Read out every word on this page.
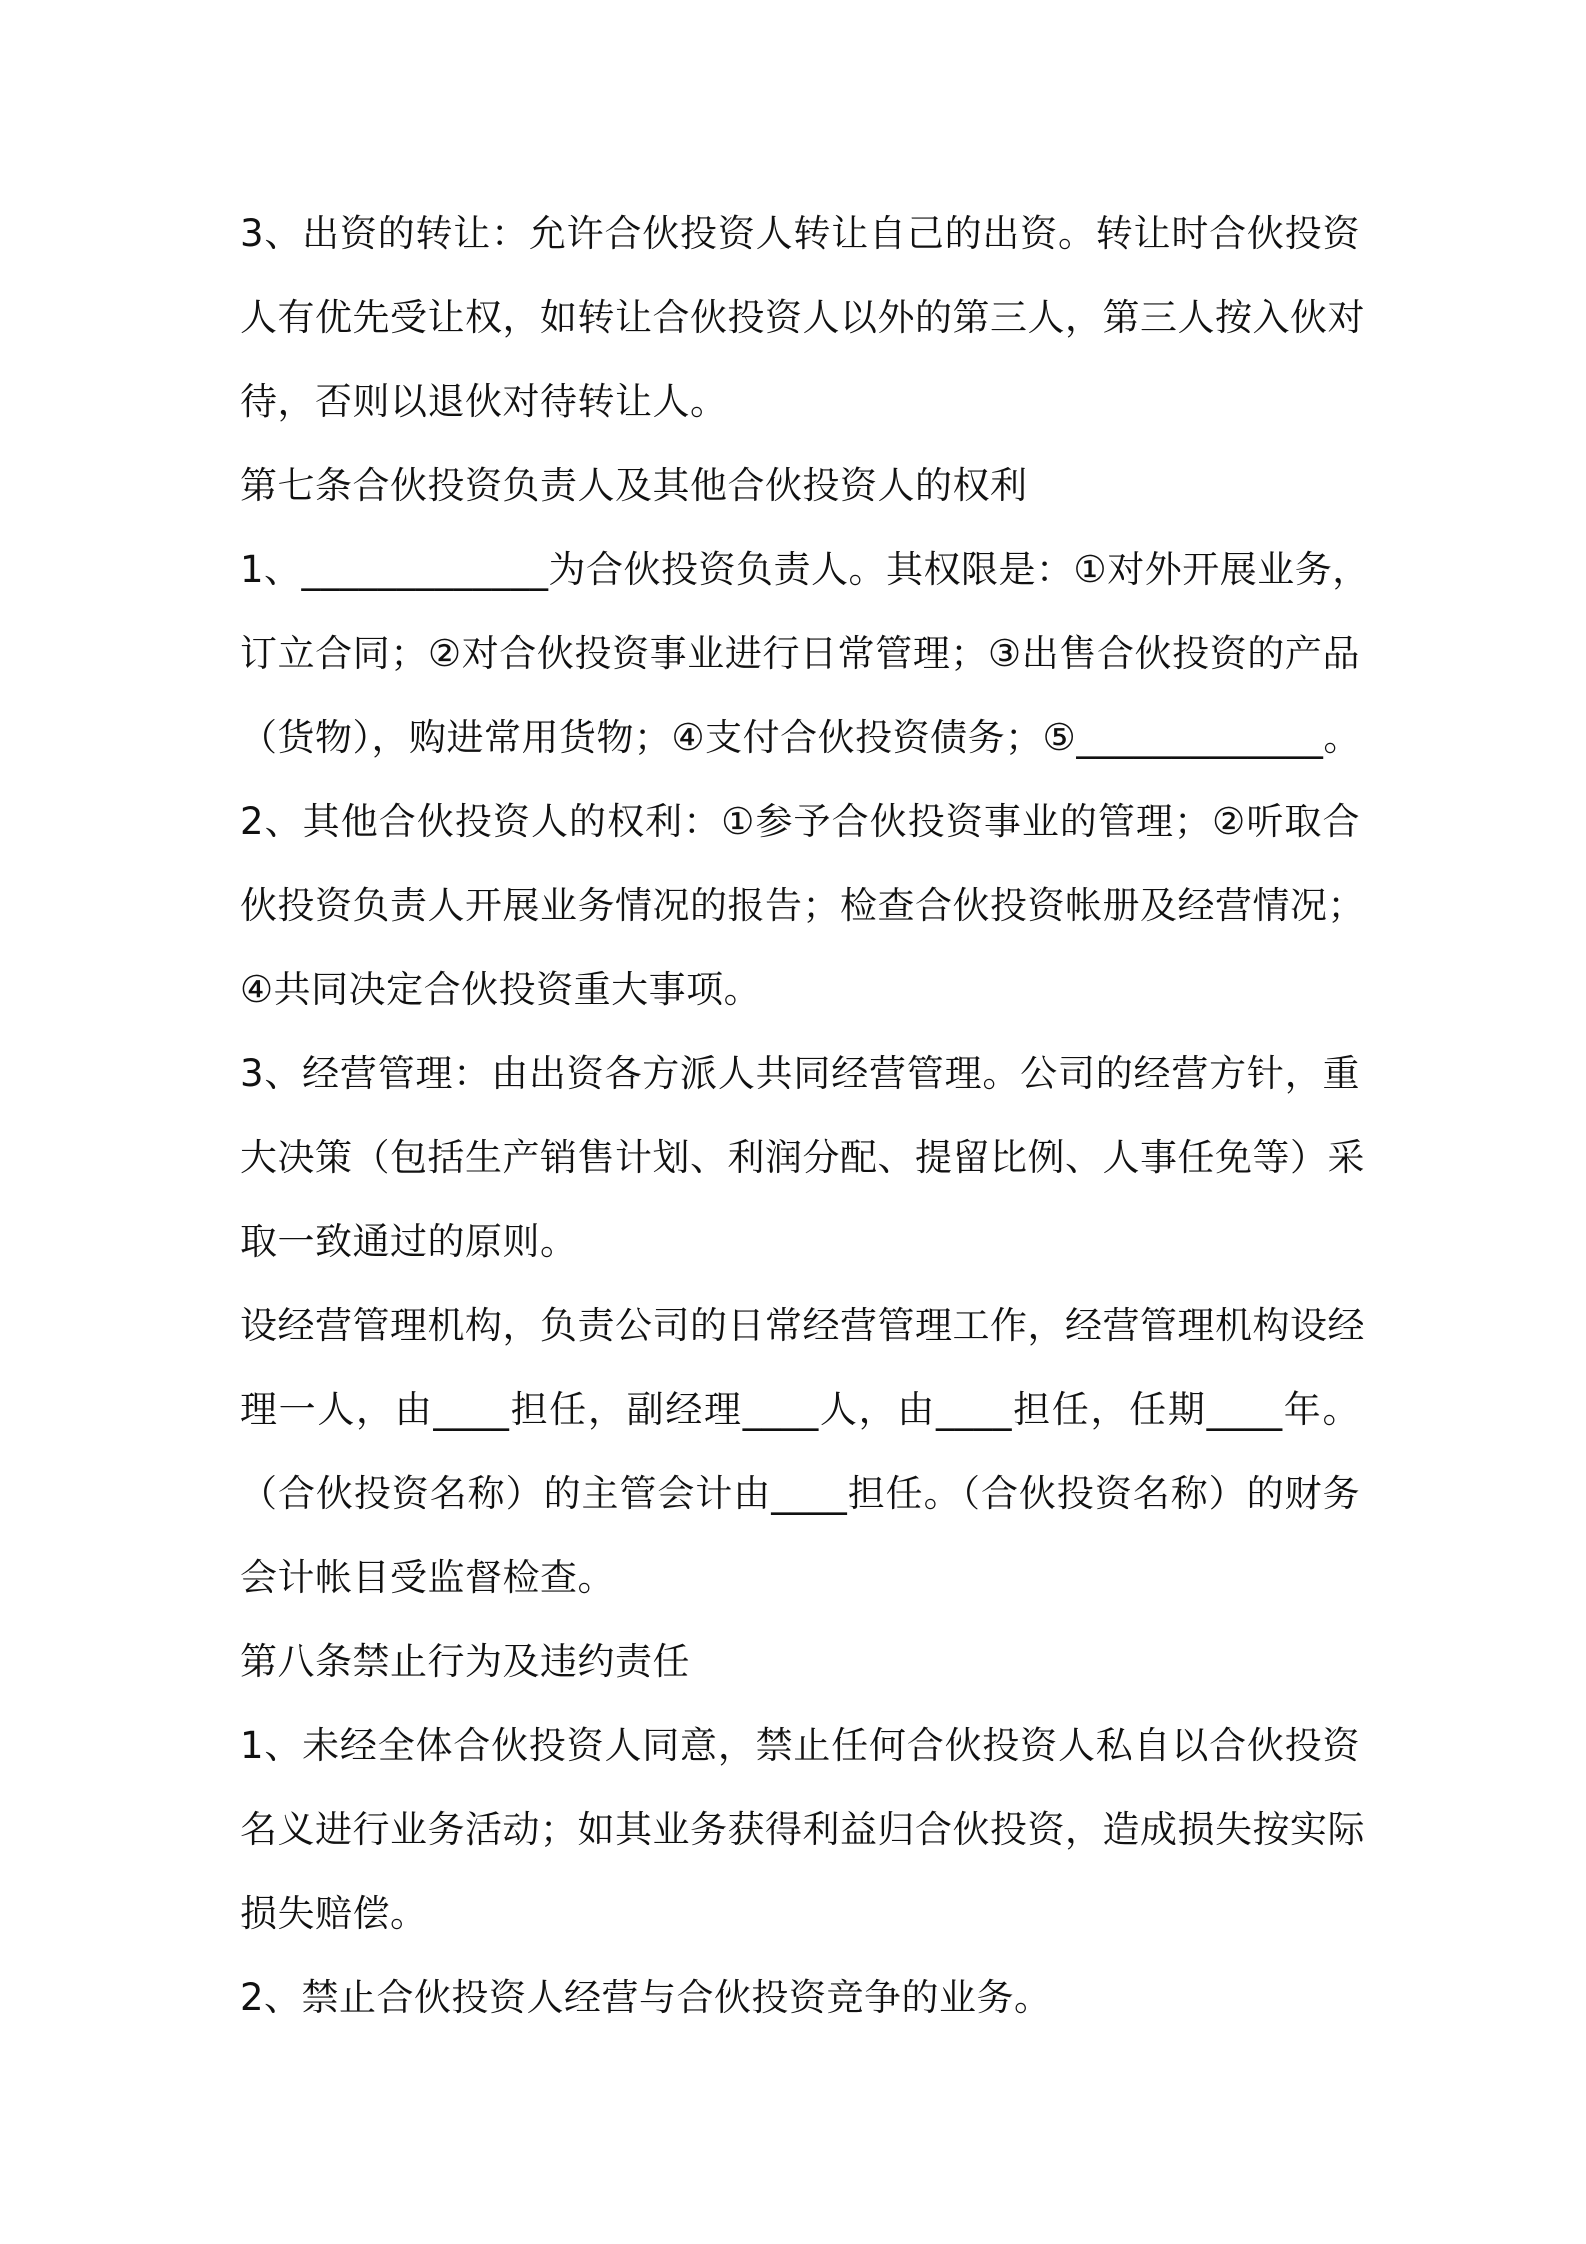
3、出资的转让：允许合伙投资人转让自己的出资。转让时合伙投资
人有优先受让权，如转让合伙投资人以外的第三人，第三人按入伙对
待，否则以退伙对待转让人。
第七条合伙投资负责人及其他合伙投资人的权利
1、_____________为合伙投资负责人。其权限是：①对外开展业务，
订立合同；②对合伙投资事业进行日常管理；③出售合伙投资的产品
（货物），购进常用货物；④支付合伙投资债务；⑤_____________。
2、其他合伙投资人的权利：①参予合伙投资事业的管理；②听取合
伙投资负责人开展业务情况的报告；检查合伙投资帐册及经营情况；
④共同决定合伙投资重大事项。
3、经营管理：由出资各方派人共同经营管理。公司的经营方针，重
大决策（包括生产销售计划、利润分配、提留比例、人事任免等）采
取一致通过的原则。
设经营管理机构，负责公司的日常经营管理工作，经营管理机构设经
理一人，由____担任，副经理____人，由____担任，任期____年。
（合伙投资名称）的主管会计由____担任。（合伙投资名称）的财务
会计帐目受监督检查。
第八条禁止行为及违约责任
1、未经全体合伙投资人同意，禁止任何合伙投资人私自以合伙投资
名义进行业务活动；如其业务获得利益归合伙投资，造成损失按实际
损失赔偿。
2、禁止合伙投资人经营与合伙投资竞争的业务。
